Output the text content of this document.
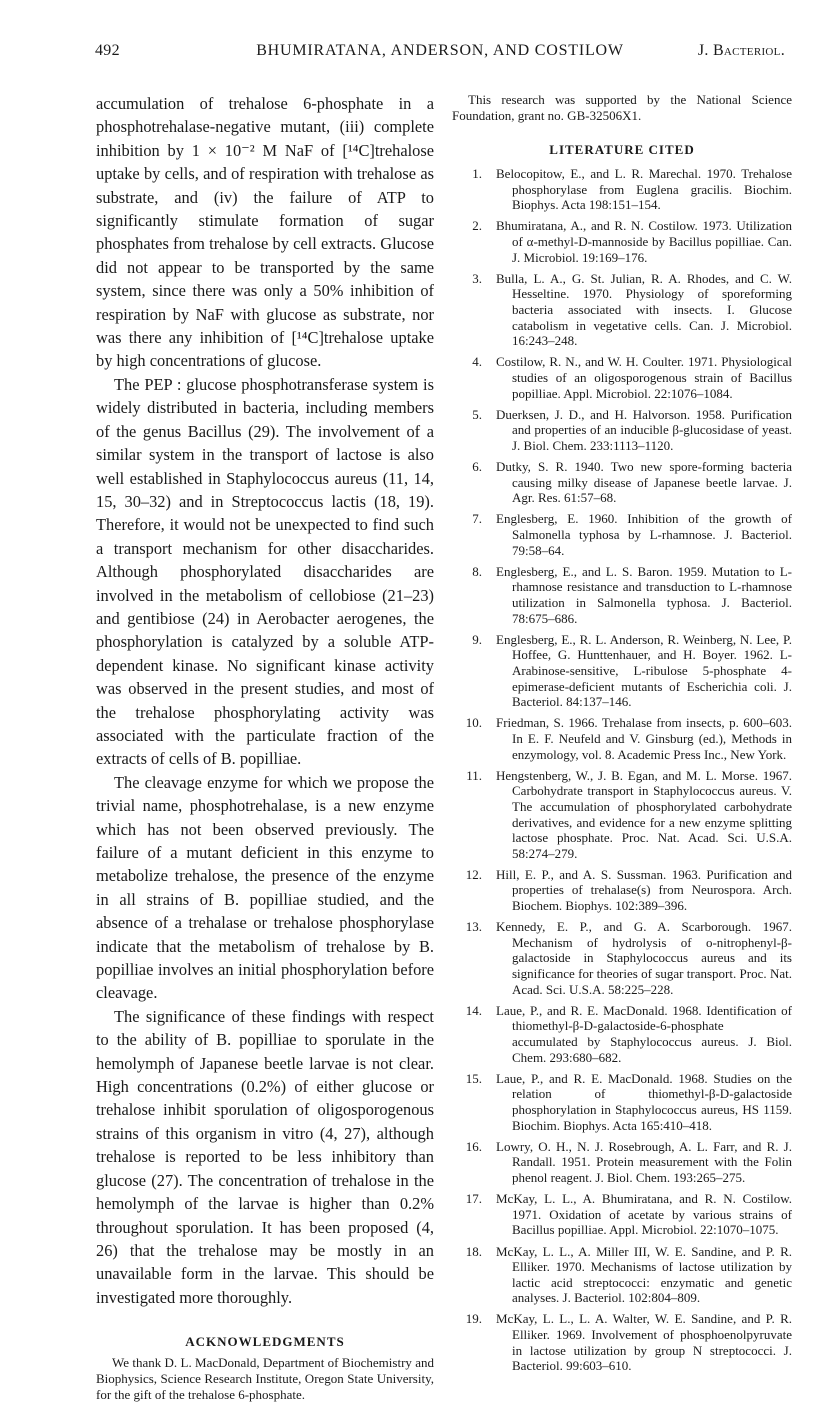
492	BHUMIRATANA, ANDERSON, AND COSTILOW	J. Bacteriol.

accumulation of trehalose 6-phosphate in a phosphotrehalase-negative mutant, (iii) complete inhibition by 1 × 10⁻² M NaF of [¹⁴C]trehalose uptake by cells, and of respiration with trehalose as substrate, and (iv) the failure of ATP to significantly stimulate formation of sugar phosphates from trehalose by cell extracts. Glucose did not appear to be transported by the same system, since there was only a 50% inhibition of respiration by NaF with glucose as substrate, nor was there any inhibition of [¹⁴C]trehalose uptake by high concentrations of glucose.

The PEP : glucose phosphotransferase system is widely distributed in bacteria, including members of the genus Bacillus (29). The involvement of a similar system in the transport of lactose is also well established in Staphylococcus aureus (11, 14, 15, 30–32) and in Streptococcus lactis (18, 19). Therefore, it would not be unexpected to find such a transport mechanism for other disaccharides. Although phosphorylated disaccharides are involved in the metabolism of cellobiose (21–23) and gentibiose (24) in Aerobacter aerogenes, the phosphorylation is catalyzed by a soluble ATP-dependent kinase. No significant kinase activity was observed in the present studies, and most of the trehalose phosphorylating activity was associated with the particulate fraction of the extracts of cells of B. popilliae.

The cleavage enzyme for which we propose the trivial name, phosphotrehalase, is a new enzyme which has not been observed previously. The failure of a mutant deficient in this enzyme to metabolize trehalose, the presence of the enzyme in all strains of B. popilliae studied, and the absence of a trehalase or trehalose phosphorylase indicate that the metabolism of trehalose by B. popilliae involves an initial phosphorylation before cleavage.

The significance of these findings with respect to the ability of B. popilliae to sporulate in the hemolymph of Japanese beetle larvae is not clear. High concentrations (0.2%) of either glucose or trehalose inhibit sporulation of oligosporogenous strains of this organism in vitro (4, 27), although trehalose is reported to be less inhibitory than glucose (27). The concentration of trehalose in the hemolymph of the larvae is higher than 0.2% throughout sporulation. It has been proposed (4, 26) that the trehalose may be mostly in an unavailable form in the larvae. This should be investigated more thoroughly.

ACKNOWLEDGMENTS

We thank D. L. MacDonald, Department of Biochemistry and Biophysics, Science Research Institute, Oregon State University, for the gift of the trehalose 6-phosphate.

This research was supported by the National Science Foundation, grant no. GB-32506X1.

LITERATURE CITED
1. Belocopitow, E., and L. R. Marechal. 1970. Trehalose phosphorylase from Euglena gracilis. Biochim. Biophys. Acta 198:151–154.
2. Bhumiratana, A., and R. N. Costilow. 1973. Utilization of α-methyl-D-mannoside by Bacillus popilliae. Can. J. Microbiol. 19:169–176.
3. Bulla, L. A., G. St. Julian, R. A. Rhodes, and C. W. Hesseltine. 1970. Physiology of sporeforming bacteria associated with insects. I. Glucose catabolism in vegetative cells. Can. J. Microbiol. 16:243–248.
4. Costilow, R. N., and W. H. Coulter. 1971. Physiological studies of an oligosporogenous strain of Bacillus popilliae. Appl. Microbiol. 22:1076–1084.
5. Duerksen, J. D., and H. Halvorson. 1958. Purification and properties of an inducible β-glucosidase of yeast. J. Biol. Chem. 233:1113–1120.
6. Dutky, S. R. 1940. Two new spore-forming bacteria causing milky disease of Japanese beetle larvae. J. Agr. Res. 61:57–68.
7. Englesberg, E. 1960. Inhibition of the growth of Salmonella typhosa by L-rhamnose. J. Bacteriol. 79:58–64.
8. Englesberg, E., and L. S. Baron. 1959. Mutation to L-rhamnose resistance and transduction to L-rhamnose utilization in Salmonella typhosa. J. Bacteriol. 78:675–686.
9. Englesberg, E., R. L. Anderson, R. Weinberg, N. Lee, P. Hoffee, G. Hunttenhauer, and H. Boyer. 1962. L-Arabinose-sensitive, L-ribulose 5-phosphate 4-epimerase-deficient mutants of Escherichia coli. J. Bacteriol. 84:137–146.
10. Friedman, S. 1966. Trehalase from insects, p. 600–603. In E. F. Neufeld and V. Ginsburg (ed.), Methods in enzymology, vol. 8. Academic Press Inc., New York.
11. Hengstenberg, W., J. B. Egan, and M. L. Morse. 1967. Carbohydrate transport in Staphylococcus aureus. V. The accumulation of phosphorylated carbohydrate derivatives, and evidence for a new enzyme splitting lactose phosphate. Proc. Nat. Acad. Sci. U.S.A. 58:274–279.
12. Hill, E. P., and A. S. Sussman. 1963. Purification and properties of trehalase(s) from Neurospora. Arch. Biochem. Biophys. 102:389–396.
13. Kennedy, E. P., and G. A. Scarborough. 1967. Mechanism of hydrolysis of o-nitrophenyl-β-galactoside in Staphylococcus aureus and its significance for theories of sugar transport. Proc. Nat. Acad. Sci. U.S.A. 58:225–228.
14. Laue, P., and R. E. MacDonald. 1968. Identification of thiomethyl-β-D-galactoside-6-phosphate accumulated by Staphylococcus aureus. J. Biol. Chem. 293:680–682.
15. Laue, P., and R. E. MacDonald. 1968. Studies on the relation of thiomethyl-β-D-galactoside phosphorylation in Staphylococcus aureus, HS 1159. Biochim. Biophys. Acta 165:410–418.
16. Lowry, O. H., N. J. Rosebrough, A. L. Farr, and R. J. Randall. 1951. Protein measurement with the Folin phenol reagent. J. Biol. Chem. 193:265–275.
17. McKay, L. L., A. Bhumiratana, and R. N. Costilow. 1971. Oxidation of acetate by various strains of Bacillus popilliae. Appl. Microbiol. 22:1070–1075.
18. McKay, L. L., A. Miller III, W. E. Sandine, and P. R. Elliker. 1970. Mechanisms of lactose utilization by lactic acid streptococci: enzymatic and genetic analyses. J. Bacteriol. 102:804–809.
19. McKay, L. L., L. A. Walter, W. E. Sandine, and P. R. Elliker. 1969. Involvement of phosphoenolpyruvate in lactose utilization by group N streptococci. J. Bacteriol. 99:603–610.
